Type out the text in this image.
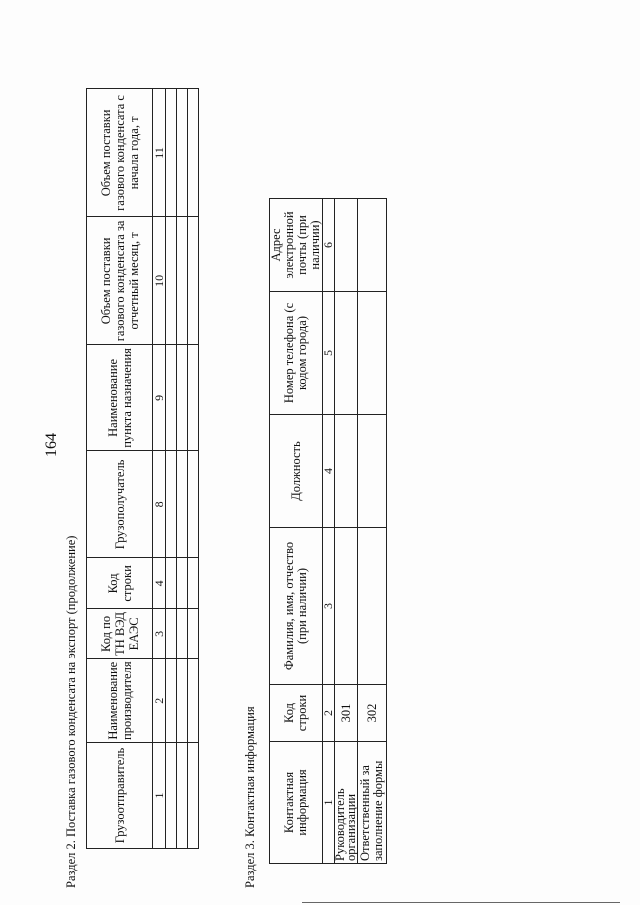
164
Раздел 2. Поставка газового конденсата на экспорт (продолжение)	Грузоотправитель	Наименование производителя	Код по ТН ВЭД ЕАЭС	Код строки	Грузополучатель	Наименование пункта назначения	Объем поставки газового конденсата за отчетный месяц, т	Объем поставки газового конденсата с начала года, т
1	2	3	4	8	9	10	11

Раздел 3. Контактная информация Контактная информация	Код строки	Фамилия, имя, отчество (при наличии)	Должность	Номер телефона (с кодом города)	Адрес электронной почты (при наличии)
1	2	3	4	5	6
Руководитель организации	301				
Ответственный за заполнение формы	302				
